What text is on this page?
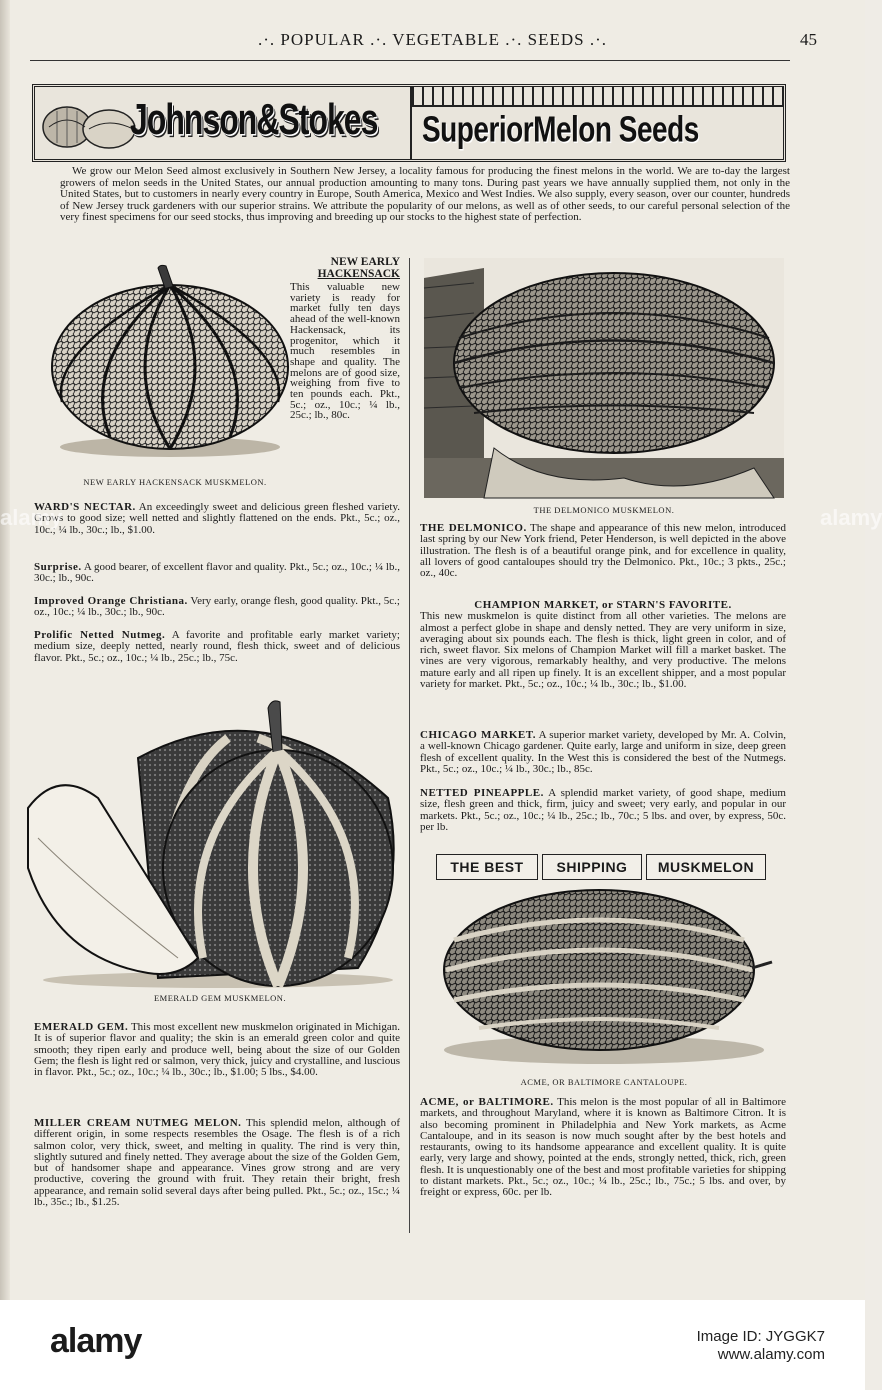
.·. POPULAR .·. VEGETABLE .·. SEEDS .·.	45
Johnson&Stokes SuperiorMelon Seeds
We grow our Melon Seed almost exclusively in Southern New Jersey, a locality famous for producing the finest melons in the world. We are to-day the largest growers of melon seeds in the United States, our annual production amounting to many tons. During past years we have annually supplied them, not only in the United States, but to customers in nearly every country in Europe, South America, Mexico and West Indies. We also supply, every season, over our counter, hundreds of New Jersey truck gardeners with our superior strains. We attribute the popularity of our melons, as well as of other seeds, to our careful personal selection of the very finest specimens for our seed stocks, thus improving and breeding up our stocks to the highest state of perfection.
NEW EARLY
HACKENSACK
This valuable new variety is ready for market fully ten days ahead of the well-known Hackensack, its progenitor, which it much resembles in shape and quality. The melons are of good size, weighing from five to ten pounds each. Pkt., 5c.; oz., 10c.; ¼ lb., 25c.; lb., 80c.
NEW EARLY HACKENSACK MUSKMELON.
WARD'S NECTAR. An exceedingly sweet and delicious green fleshed variety. Grows to good size; well netted and slightly flattened on the ends. Pkt., 5c.; oz., 10c.; ¼ lb., 30c.; lb., $1.00.
Surprise. A good bearer, of excellent flavor and quality. Pkt., 5c.; oz., 10c.; ¼ lb., 30c.; lb., 90c.
Improved Orange Christiana. Very early, orange flesh, good quality. Pkt., 5c.; oz., 10c.; ¼ lb., 30c.; lb., 90c.
Prolific Netted Nutmeg. A favorite and profitable early market variety; medium size, deeply netted, nearly round, flesh thick, sweet and of delicious flavor. Pkt., 5c.; oz., 10c.; ¼ lb., 25c.; lb., 75c.
EMERALD GEM MUSKMELON.
EMERALD GEM. This most excellent new muskmelon originated in Michigan. It is of superior flavor and quality; the skin is an emerald green color and quite smooth; they ripen early and produce well, being about the size of our Golden Gem; the flesh is light red or salmon, very thick, juicy and crystalline, and luscious in flavor. Pkt., 5c.; oz., 10c.; ¼ lb., 30c.; lb., $1.00; 5 lbs., $4.00.
MILLER CREAM NUTMEG MELON. This splendid melon, although of different origin, in some respects resembles the Osage. The flesh is of a rich salmon color, very thick, sweet, and melting in quality. The rind is very thin, slightly sutured and finely netted. They average about the size of the Golden Gem, but of handsomer shape and appearance. Vines grow strong and are very productive, covering the ground with fruit. They retain their bright, fresh appearance, and remain solid several days after being pulled. Pkt., 5c.; oz., 15c.; ¼ lb., 35c.; lb., $1.25.
THE DELMONICO MUSKMELON.
THE DELMONICO. The shape and appearance of this new melon, introduced last spring by our New York friend, Peter Henderson, is well depicted in the above illustration. The flesh is of a beautiful orange pink, and for excellence in quality, all lovers of good cantaloupes should try the Delmonico. Pkt., 10c.; 3 pkts., 25c.; oz., 40c.
CHAMPION MARKET, or STARN'S FAVORITE.
This new muskmelon is quite distinct from all other varieties. The melons are almost a perfect globe in shape and densly netted. They are very uniform in size, averaging about six pounds each. The flesh is thick, light green in color, and of rich, sweet flavor. Six melons of Champion Market will fill a market basket. The vines are very vigorous, remarkably healthy, and very productive. The melons mature early and all ripen up finely. It is an excellent shipper, and a most popular variety for market. Pkt., 5c.; oz., 10c.; ¼ lb., 30c.; lb., $1.00.
CHICAGO MARKET. A superior market variety, developed by Mr. A. Colvin, a well-known Chicago gardener. Quite early, large and uniform in size, deep green flesh of excellent quality. In the West this is considered the best of the Nutmegs. Pkt., 5c.; oz., 10c.; ¼ lb., 30c.; lb., 85c.
NETTED PINEAPPLE. A splendid market variety, of good shape, medium size, flesh green and thick, firm, juicy and sweet; very early, and popular in our markets. Pkt., 5c.; oz., 10c.; ¼ lb., 25c.; lb., 70c.; 5 lbs. and over, by express, 50c. per lb.
THE BEST	SHIPPING	MUSKMELON
ACME, OR BALTIMORE CANTALOUPE.
ACME, or BALTIMORE. This melon is the most popular of all in Baltimore markets, and throughout Maryland, where it is known as Baltimore Citron. It is also becoming prominent in Philadelphia and New York markets, as Acme Cantaloupe, and in its season is now much sought after by the best hotels and restaurants, owing to its handsome appearance and excellent quality. It is quite early, very large and showy, pointed at the ends, strongly netted, thick, rich, green flesh. It is unquestionably one of the best and most profitable varieties for shipping to distant markets. Pkt., 5c.; oz., 10c.; ¼ lb., 25c.; lb., 75c.; 5 lbs. and over, by freight or express, 60c. per lb.
alamy	alamy
alamy	Image ID: JYGGK7
www.alamy.com
